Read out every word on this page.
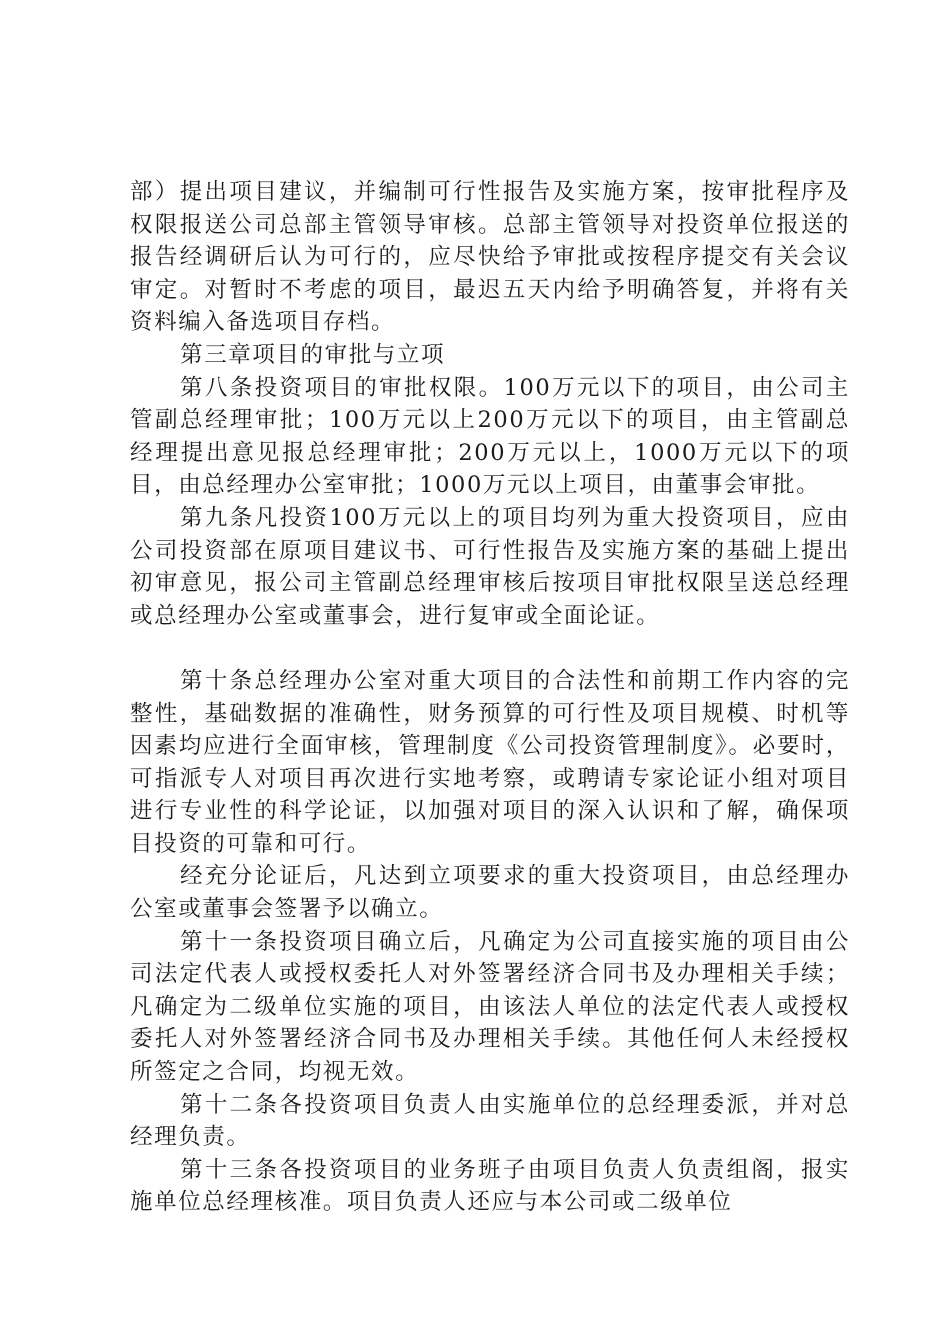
部）提出项目建议，并编制可行性报告及实施方案，按审批程序及权限报送公司总部主管领导审核。总部主管领导对投资单位报送的报告经调研后认为可行的，应尽快给予审批或按程序提交有关会议审定。对暂时不考虑的项目，最迟五天内给予明确答复，并将有关资料编入备选项目存档。

第三章项目的审批与立项

第八条投资项目的审批权限。100万元以下的项目，由公司主管副总经理审批；100万元以上200万元以下的项目，由主管副总经理提出意见报总经理审批；200万元以上，1000万元以下的项目，由总经理办公室审批；1000万元以上项目，由董事会审批。

第九条凡投资100万元以上的项目均列为重大投资项目，应由公司投资部在原项目建议书、可行性报告及实施方案的基础上提出初审意见，报公司主管副总经理审核后按项目审批权限呈送总经理或总经理办公室或董事会，进行复审或全面论证。

第十条总经理办公室对重大项目的合法性和前期工作内容的完整性，基础数据的准确性，财务预算的可行性及项目规模、时机等因素均应进行全面审核，管理制度《公司投资管理制度》。必要时，可指派专人对项目再次进行实地考察，或聘请专家论证小组对项目进行专业性的科学论证，以加强对项目的深入认识和了解，确保项目投资的可靠和可行。

经充分论证后，凡达到立项要求的重大投资项目，由总经理办公室或董事会签署予以确立。

第十一条投资项目确立后，凡确定为公司直接实施的项目由公司法定代表人或授权委托人对外签署经济合同书及办理相关手续；凡确定为二级单位实施的项目，由该法人单位的法定代表人或授权委托人对外签署经济合同书及办理相关手续。其他任何人未经授权所签定之合同，均视无效。

第十二条各投资项目负责人由实施单位的总经理委派，并对总经理负责。

第十三条各投资项目的业务班子由项目负责人负责组阁，报实施单位总经理核准。项目负责人还应与本公司或二级单位
